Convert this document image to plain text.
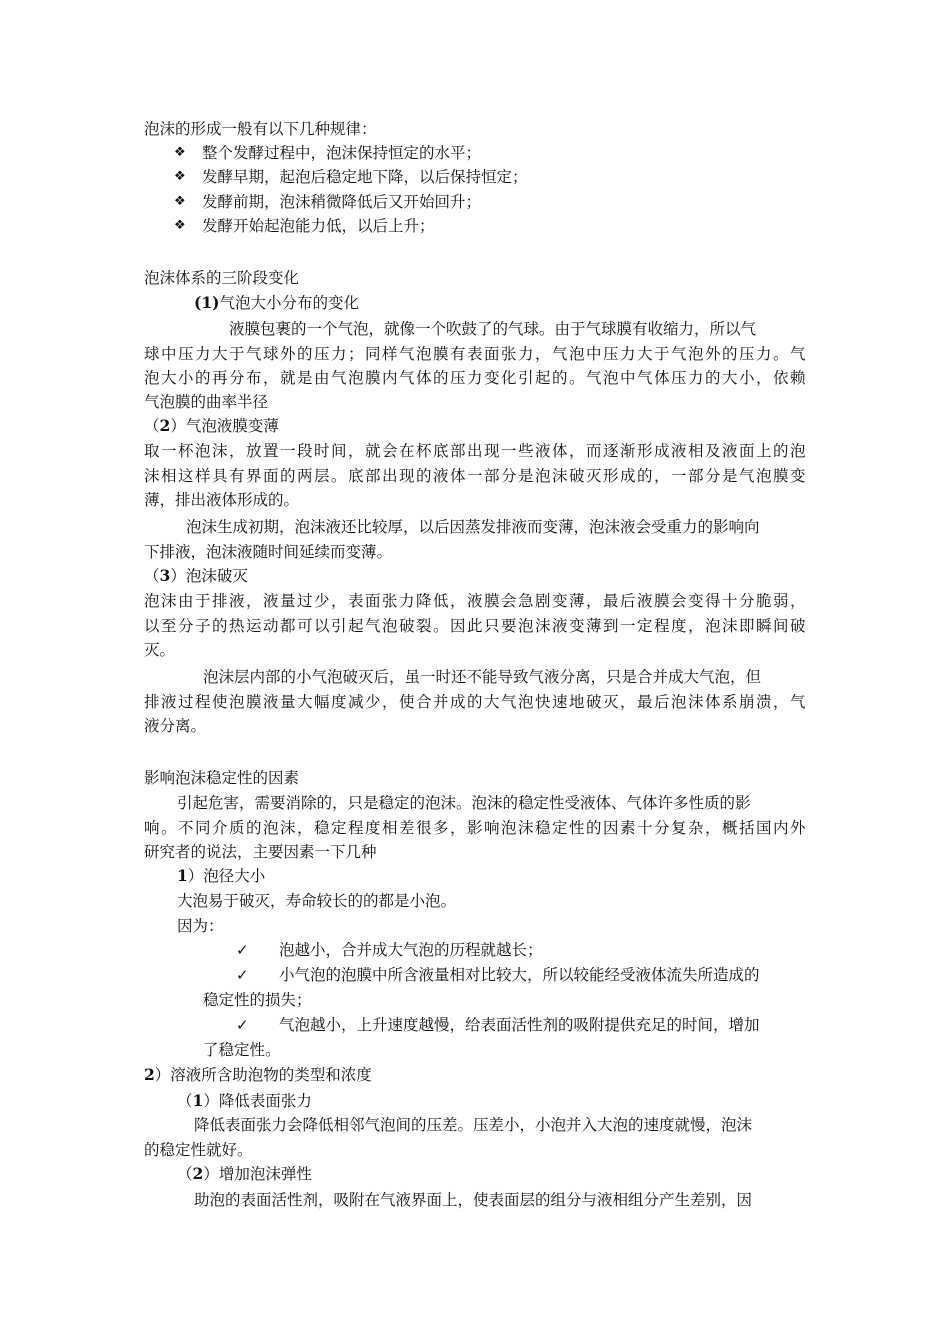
泡沫的形成一般有以下几种规律：
❖ 整个发酵过程中，泡沫保持恒定的水平；
❖ 发酵早期，起泡后稳定地下降，以后保持恒定；
❖ 发酵前期，泡沫稍微降低后又开始回升；
❖ 发酵开始起泡能力低，以后上升；
泡沫体系的三阶段变化
(1)气泡大小分布的变化
液膜包裹的一个气泡，就像一个吹鼓了的气球。由于气球膜有收缩力，所以气
球 中 压 力 大 于 气 球 外 的 压 力 ； 同 样 气 泡 膜 有 表 面 张 力 ， 气 泡 中 压 力 大 于 气 泡 外 的 压 力 。 气
泡 大 小 的 再 分 布 ， 就 是 由 气 泡 膜 内 气 体 的 压 力 变 化 引 起 的 。 气 泡 中 气 体 压 力 的 大 小 ， 依 赖
气泡膜的曲率半径
（2）气泡液膜变薄
取 一 杯 泡 沫 ， 放 置 一 段 时 间 ， 就 会 在 杯 底 部 出 现 一 些 液 体 ， 而 逐 渐 形 成 液 相 及 液 面 上 的 泡
沫 相 这 样 具 有 界 面 的 两 层 。 底 部 出 现 的 液 体 一 部 分 是 泡 沫 破 灭 形 成 的 ， 一 部 分 是 气 泡 膜 变
薄，排出液体形成的。
泡沫生成初期，泡沫液还比较厚，以后因蒸发排液而变薄，泡沫液会受重力的影响向
下排液，泡沫液随时间延续而变薄。
（3）泡沫破灭
泡 沫 由 于 排 液 ， 液 量 过 少 ， 表 面 张 力 降 低 ， 液 膜 会 急 剧 变 薄 ， 最 后 液 膜 会 变 得 十 分 脆 弱 ，
以 至 分 子 的 热 运 动 都 可 以 引 起 气 泡 破 裂 。 因 此 只 要 泡 沫 液 变 薄 到 一 定 程 度 ， 泡 沫 即 瞬 间 破
灭。
泡沫层内部的小气泡破灭后，虽一时还不能导致气液分离，只是合并成大气泡，但
排 液 过 程 使 泡 膜 液 量 大 幅 度 减 少 ， 使 合 并 成 的 大 气 泡 快 速 地 破 灭 ， 最 后 泡 沫 体 系 崩 溃 ， 气
液分离。
影响泡沫稳定性的因素
引起危害，需要消除的，只是稳定的泡沫。泡沫的稳定性受液体、气体许多性质的影
响 。 不 同 介 质 的 泡 沫 ， 稳 定 程 度 相 差 很 多 ， 影 响 泡 沫 稳 定 性 的 因 素 十 分 复 杂 ， 概 括 国 内 外
研究者的说法，主要因素一下几种
1）泡径大小
大泡易于破灭，寿命较长的的都是小泡。
因为：
✓ 泡越小，合并成大气泡的历程就越长；
✓ 小气泡的泡膜中所含液量相对比较大，所以较能经受液体流失所造成的
稳定性的损失；
✓ 气泡越小，上升速度越慢，给表面活性剂的吸附提供充足的时间，增加
了稳定性。
2）溶液所含助泡物的类型和浓度
（1）降低表面张力
降低表面张力会降低相邻气泡间的压差。压差小，小泡并入大泡的速度就慢，泡沫
的稳定性就好。
（2）增加泡沫弹性
助泡的表面活性剂，吸附在气液界面上，使表面层的组分与液相组分产生差别，因
